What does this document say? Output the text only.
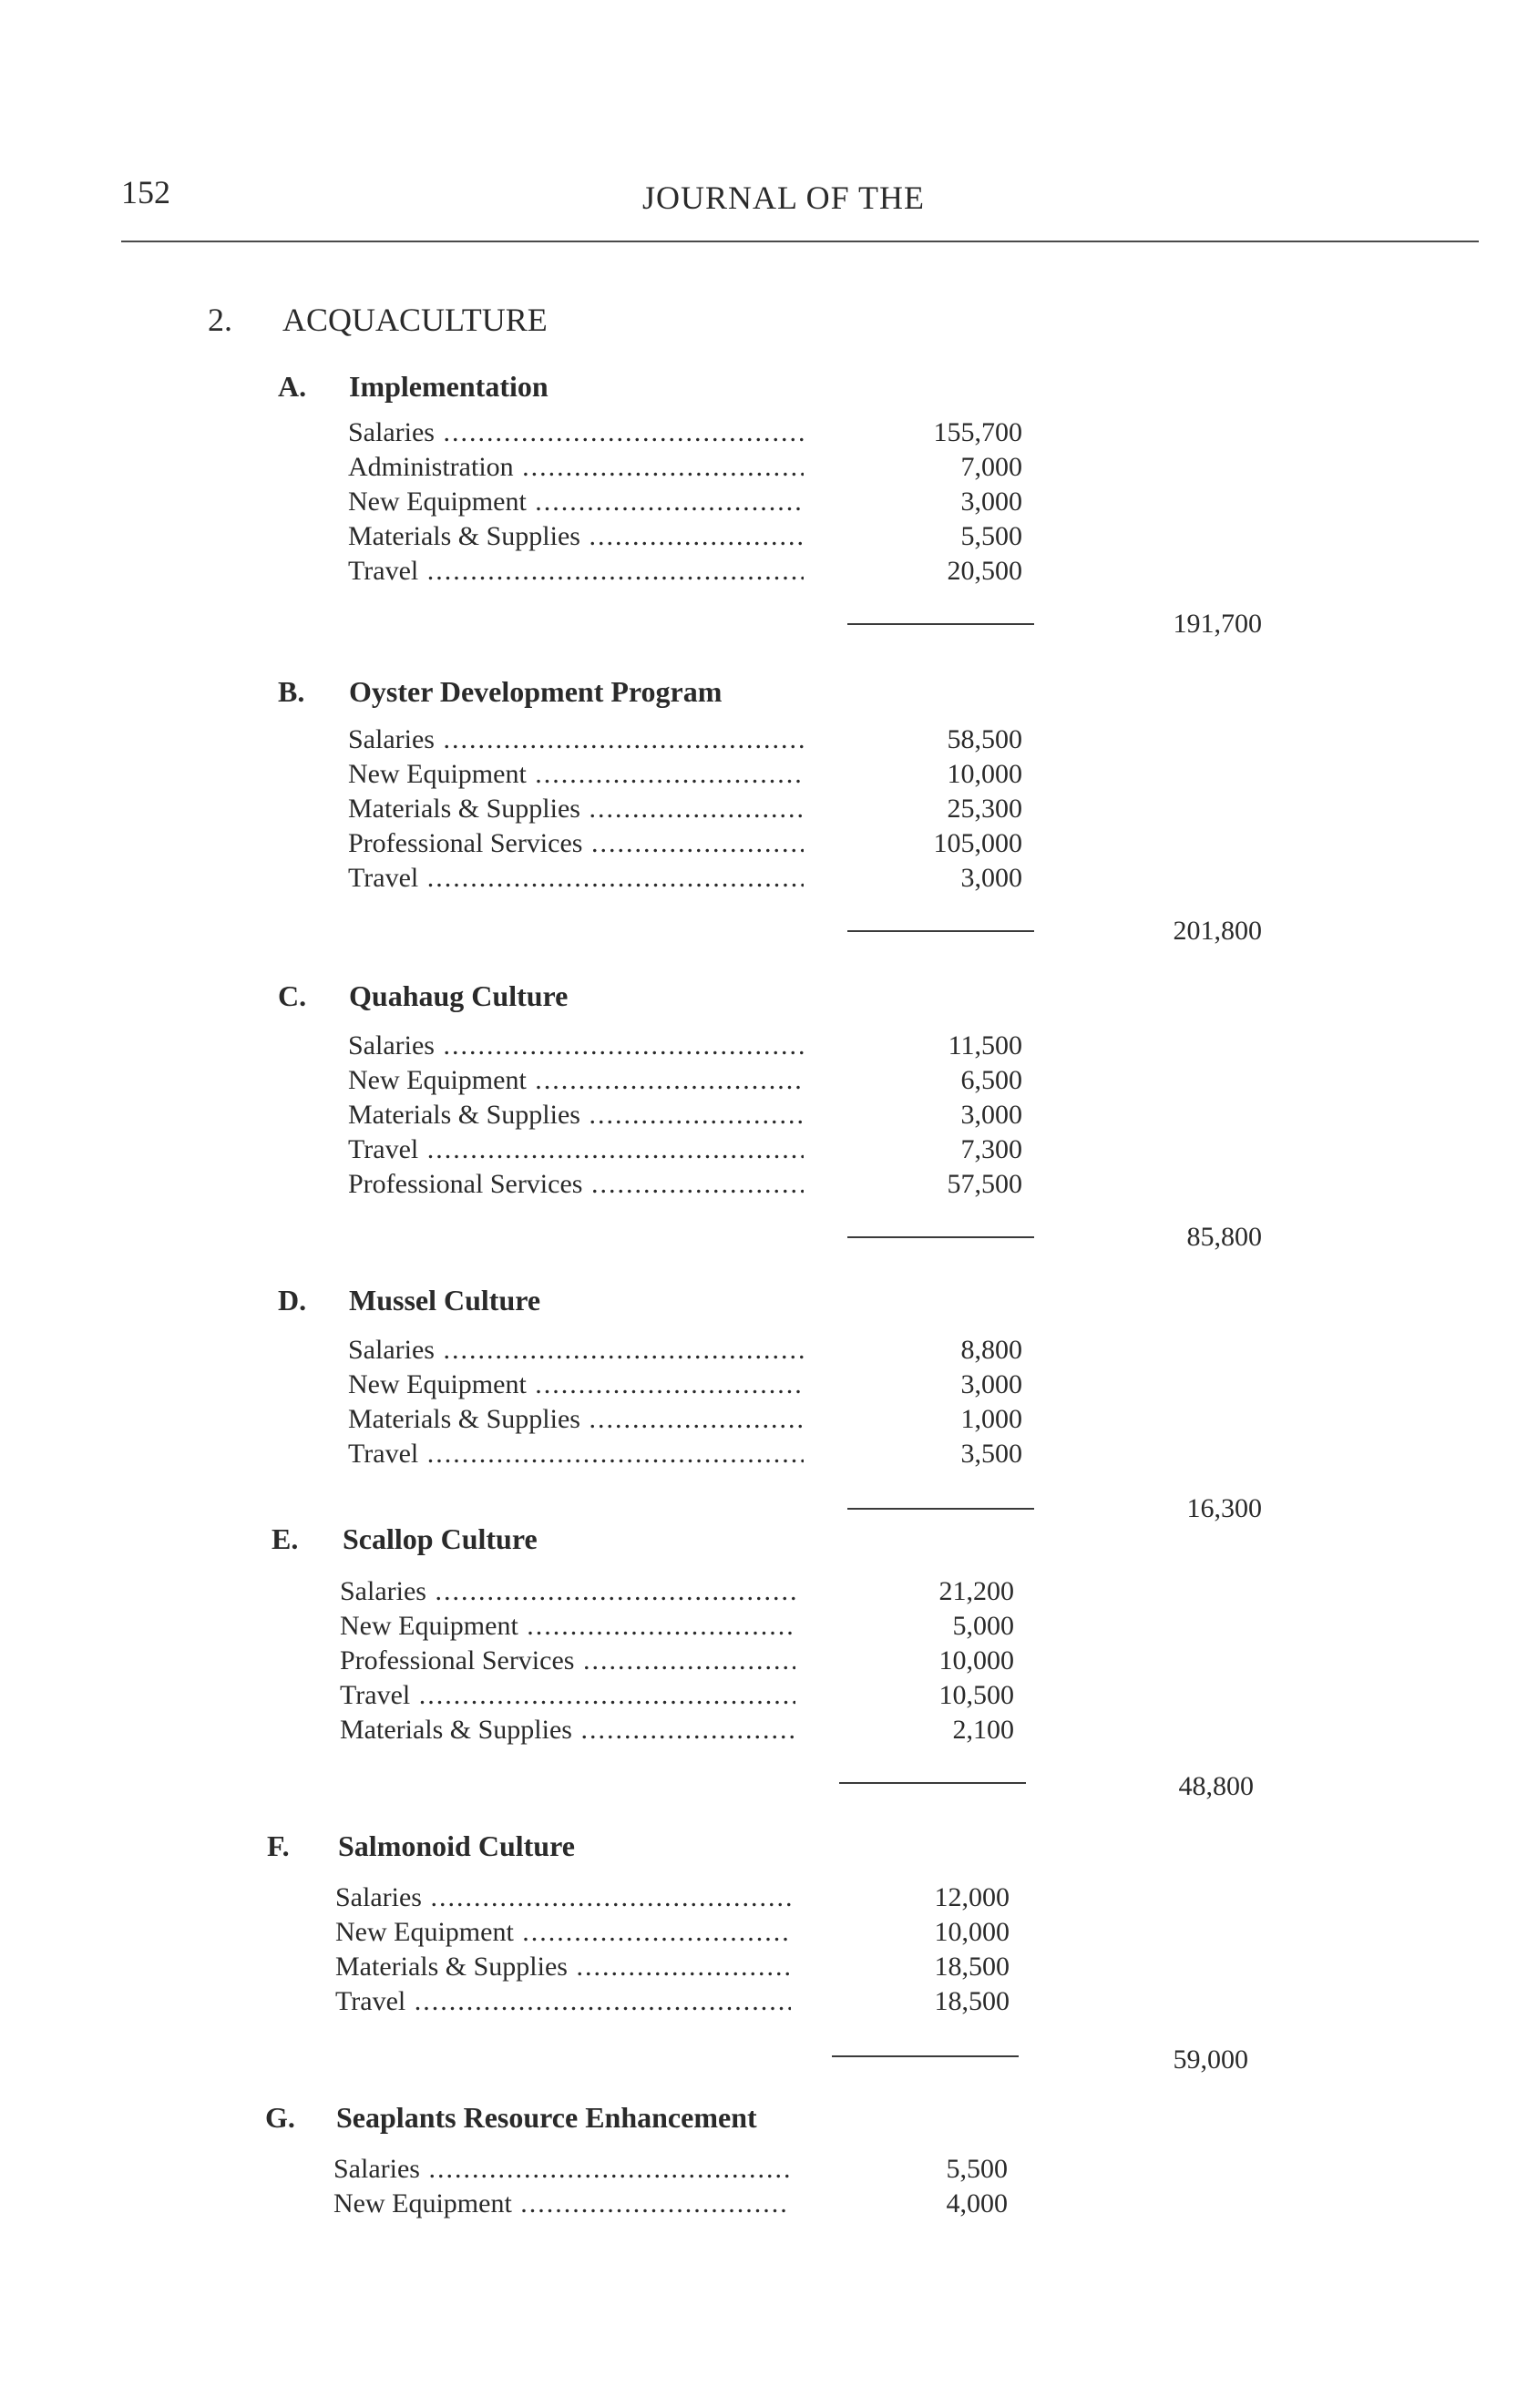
152	JOURNAL OF THE
2. ACQUACULTURE
A. Implementation
Salaries .....	155,700
Administration .....	7,000
New Equipment .....	3,000
Materials & Supplies .....	5,500
Travel .....	20,500
191,700
B. Oyster Development Program
Salaries .....	58,500
New Equipment .....	10,000
Materials & Supplies .....	25,300
Professional Services .....	105,000
Travel .....	3,000
201,800
C. Quahaug Culture
Salaries .....	11,500
New Equipment .....	6,500
Materials & Supplies .....	3,000
Travel .....	7,300
Professional Services .....	57,500
85,800
D. Mussel Culture
Salaries .....	8,800
New Equipment .....	3,000
Materials & Supplies .....	1,000
Travel .....	3,500
16,300
E. Scallop Culture
Salaries .....	21,200
New Equipment .....	5,000
Professional Services .....	10,000
Travel .....	10,500
Materials & Supplies .....	2,100
48,800
F. Salmonoid Culture
Salaries .....	12,000
New Equipment .....	10,000
Materials & Supplies .....	18,500
Travel .....	18,500
59,000
G. Seaplants Resource Enhancement
Salaries .....	5,500
New Equipment .....	4,000
